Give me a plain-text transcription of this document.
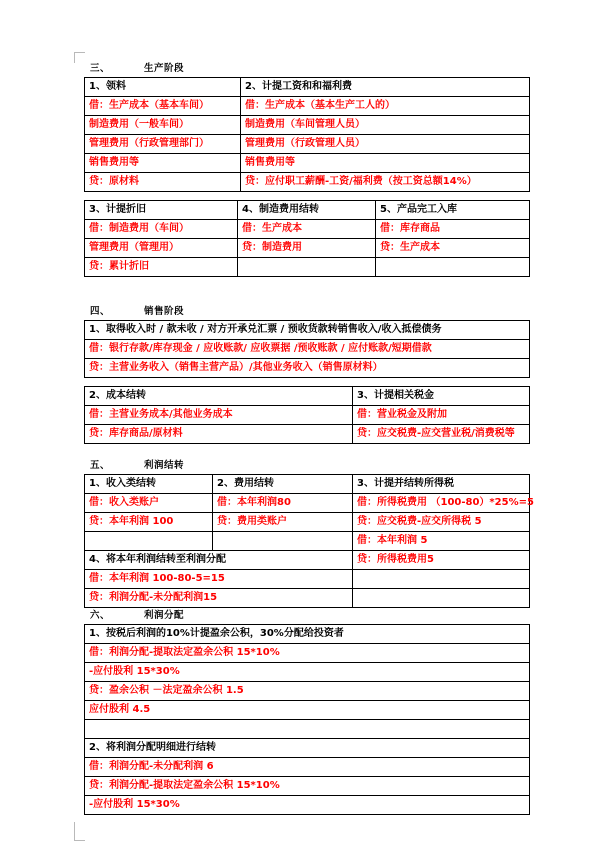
三、	生产阶段
1、领料	2、计提工资和和福利费
借：生产成本（基本车间）	借：生产成本（基本生产工人的）
制造费用（一般车间）	制造费用（车间管理人员）
管理费用（行政管理部门）	管理费用（行政管理人员）
销售费用等	销售费用等
贷：原材料	贷：应付职工薪酬-工资/福利费（按工资总额14%）
3、计提折旧	4、制造费用结转	5、产品完工入库
借：制造费用（车间）	借：生产成本	借：库存商品
管理费用（管理用）	贷：制造费用	贷：生产成本
贷：累计折旧		
四、	销售阶段
1、取得收入时 / 款未收 / 对方开承兑汇票 / 预收货款转销售收入/收入抵偿债务
借：银行存款/库存现金 / 应收账款/ 应收票据 /预收账款 / 应付账款/短期借款
贷：主营业务收入（销售主营产品）/其他业务收入（销售原材料）
2、成本结转	3、计提相关税金
借：主营业务成本/其他业务成本	借：营业税金及附加
贷：库存商品/原材料	贷：应交税费-应交营业税/消费税等
五、	利润结转
1、收入类结转	2、费用结转	3、计提并结转所得税
借：收入类账户	借：本年利润80	借：所得税费用 （100-80）*25%=5
贷：本年利润 100	贷：费用类账户	贷：应交税费-应交所得税 5
		借：本年利润 5
4、将本年利润结转至利润分配		贷：所得税费用5
借：本年利润 100-80-5=15		
贷：利润分配-未分配利润15		
六、	利润分配
1、按税后利润的10%计提盈余公积，30%分配给投资者
借：利润分配-提取法定盈余公积 15*10%
-应付股利 15*30%
贷：盈余公积 －法定盈余公积 1.5
应付股利 4.5

2、将利润分配明细进行结转
借：利润分配-未分配利润 6
贷：利润分配-提取法定盈余公积 15*10%
-应付股利 15*30%
